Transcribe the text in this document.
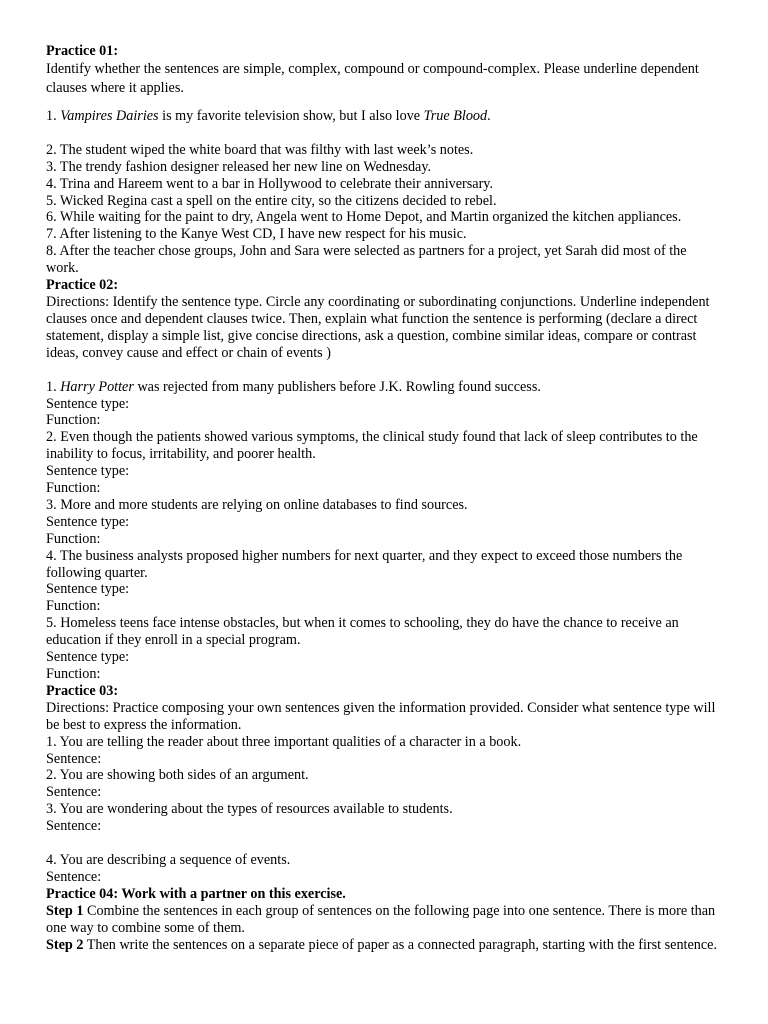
Practice 01:
Identify whether the sentences are simple, complex, compound or compound-complex. Please underline dependent clauses where it applies.
1. Vampires Dairies is my favorite television show, but I also love True Blood.
2. The student wiped the white board that was filthy with last week’s notes.
3. The trendy fashion designer released her new line on Wednesday.
4. Trina and Hareem went to a bar in Hollywood to celebrate their anniversary.
5. Wicked Regina cast a spell on the entire city, so the citizens decided to rebel.
6. While waiting for the paint to dry, Angela went to Home Depot, and Martin organized the kitchen appliances.
7. After listening to the Kanye West CD, I have new respect for his music.
8. After the teacher chose groups, John and Sara were selected as partners for a project, yet Sarah did most of the work.
Practice 02:
Directions: Identify the sentence type. Circle any coordinating or subordinating conjunctions. Underline independent clauses once and dependent clauses twice. Then, explain what function the sentence is performing (declare a direct statement, display a simple list, give concise directions, ask a question, combine similar ideas, compare or contrast ideas, convey cause and effect or chain of events )
1. Harry Potter was rejected from many publishers before J.K. Rowling found success.
Sentence type:
Function:
2. Even though the patients showed various symptoms, the clinical study found that lack of sleep contributes to the inability to focus, irritability, and poorer health.
Sentence type:
Function:
3. More and more students are relying on online databases to find sources.
Sentence type:
Function:
4. The business analysts proposed higher numbers for next quarter, and they expect to exceed those numbers the following quarter.
Sentence type:
Function:
5. Homeless teens face intense obstacles, but when it comes to schooling, they do have the chance to receive an education if they enroll in a special program.
Sentence type:
Function:
Practice 03:
Directions: Practice composing your own sentences given the information provided. Consider what sentence type will be best to express the information.
1. You are telling the reader about three important qualities of a character in a book.
Sentence:
2. You are showing both sides of an argument.
Sentence:
3. You are wondering about the types of resources available to students.
Sentence:
4. You are describing a sequence of events.
Sentence:
Practice 04: Work with a partner on this exercise.
Step 1 Combine the sentences in each group of sentences on the following page into one sentence. There is more than one way to combine some of them.
Step 2 Then write the sentences on a separate piece of paper as a connected paragraph, starting with the first sentence.
